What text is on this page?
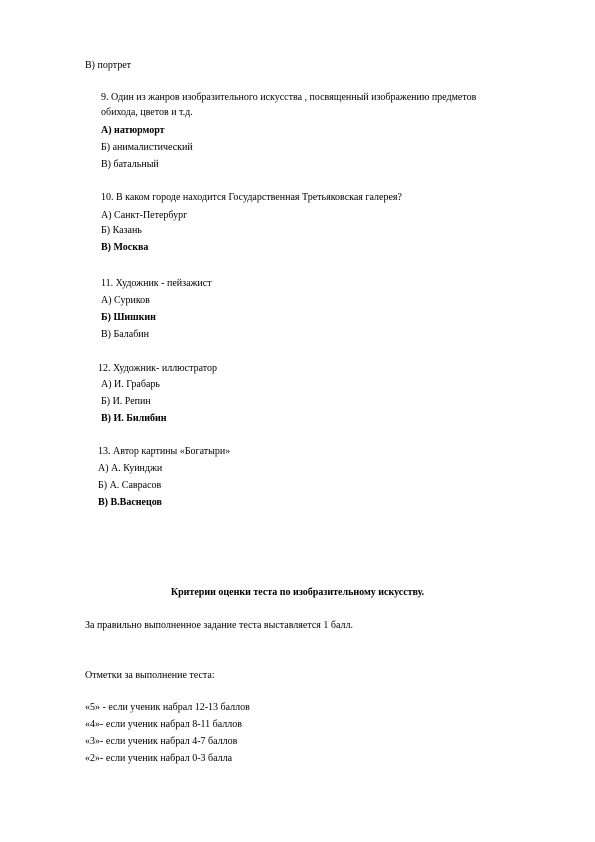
В) портрет
9. Один из жанров изобразительного искусства , посвященный изображению предметов
обихода, цветов и т.д.
А) натюрморт
Б) анималистический
В) батальный
10. В каком городе находится Государственная Третьяковская галерея?
А) Санкт-Петербург
Б) Казань
В) Москва
11. Художник - пейзажист
А) Суриков
Б) Шишкин
В) Балабин
12. Художник- иллюстратор
А) И. Грабарь
Б) И. Репин
В) И. Билибин
13. Автор картины «Богатыри»
А) А. Куинджи
Б) А. Саврасов
В) В.Васнецов
Критерии оценки теста по изобразительному искусству.
За правильно выполненное задание теста выставляется 1 балл.
Отметки за выполнение теста:
«5» - если ученик набрал 12-13 баллов
«4»- если ученик набрал 8-11 баллов
«3»- если ученик набрал 4-7 баллов
«2»- если ученик набрал 0-3 балла
